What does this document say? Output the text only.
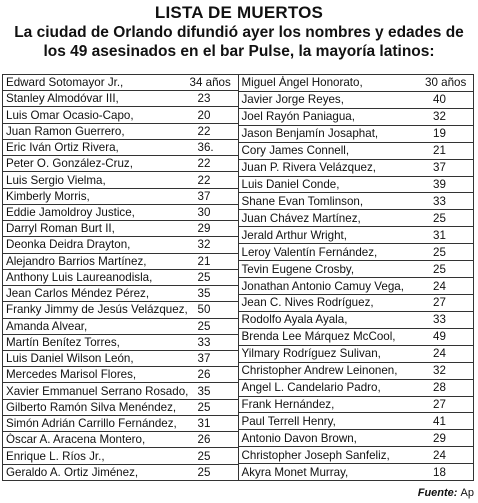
LISTA DE MUERTOS
La ciudad de Orlando difundió ayer los nombres y edades de los 49 asesinados en el bar Pulse, la mayoría latinos:
Edward Sotomayor Jr.,	34 años
Stanley Almodóvar III,	23
Luis Omar Ocasio-Capo,	20
Juan Ramon Guerrero,	22
Eric Iván Ortiz Rivera,	36.
Peter O. González-Cruz,	22
Luis Sergio Vielma,	22
Kimberly Morris,	37
Eddie Jamoldroy Justice,	30
Darryl Roman Burt II,	29
Deonka Deidra Drayton,	32
Alejandro Barrios Martínez,	21
Anthony Luis Laureanodisla,	25
Jean Carlos Méndez Pérez,	35
Franky Jimmy de Jesús Velázquez, 50
Amanda Alvear,	25
Martín Benítez Torres,	33
Luis Daniel Wilson León,	37
Mercedes Marisol Flores,	26
Xavier Emmanuel Serrano Rosado, 35
Gilberto Ramón Silva Menéndez,	25
Simón Adrián Carrillo Fernández,	31
Óscar A. Aracena Montero,	26
Enrique L. Ríos Jr.,	25
Geraldo A. Ortiz Jiménez,	25
Miguel Ángel Honorato,	30 años
Javier Jorge Reyes,	40
Joel Rayón Paniagua,	32
Jason Benjamín Josaphat,	19
Cory James Connell,	21
Juan P. Rivera Velázquez,	37
Luis Daniel Conde,	39
Shane Evan Tomlinson,	33
Juan Chávez Martínez,	25
Jerald Arthur Wright,	31
Leroy Valentín Fernández,	25
Tevin Eugene Crosby,	25
Jonathan Antonio Camuy Vega,	24
Jean C. Nives Rodríguez,	27
Rodolfo Ayala Ayala,	33
Brenda Lee Márquez McCool,	49
Yilmary Rodríguez Sulivan,	24
Christopher Andrew Leinonen,	32
Angel L. Candelario Padro,	28
Frank Hernández,	27
Paul Terrell Henry,	41
Antonio Davon Brown,	29
Christopher Joseph Sanfeliz,	24
Akyra Monet Murray,	18
Fuente: Ap
